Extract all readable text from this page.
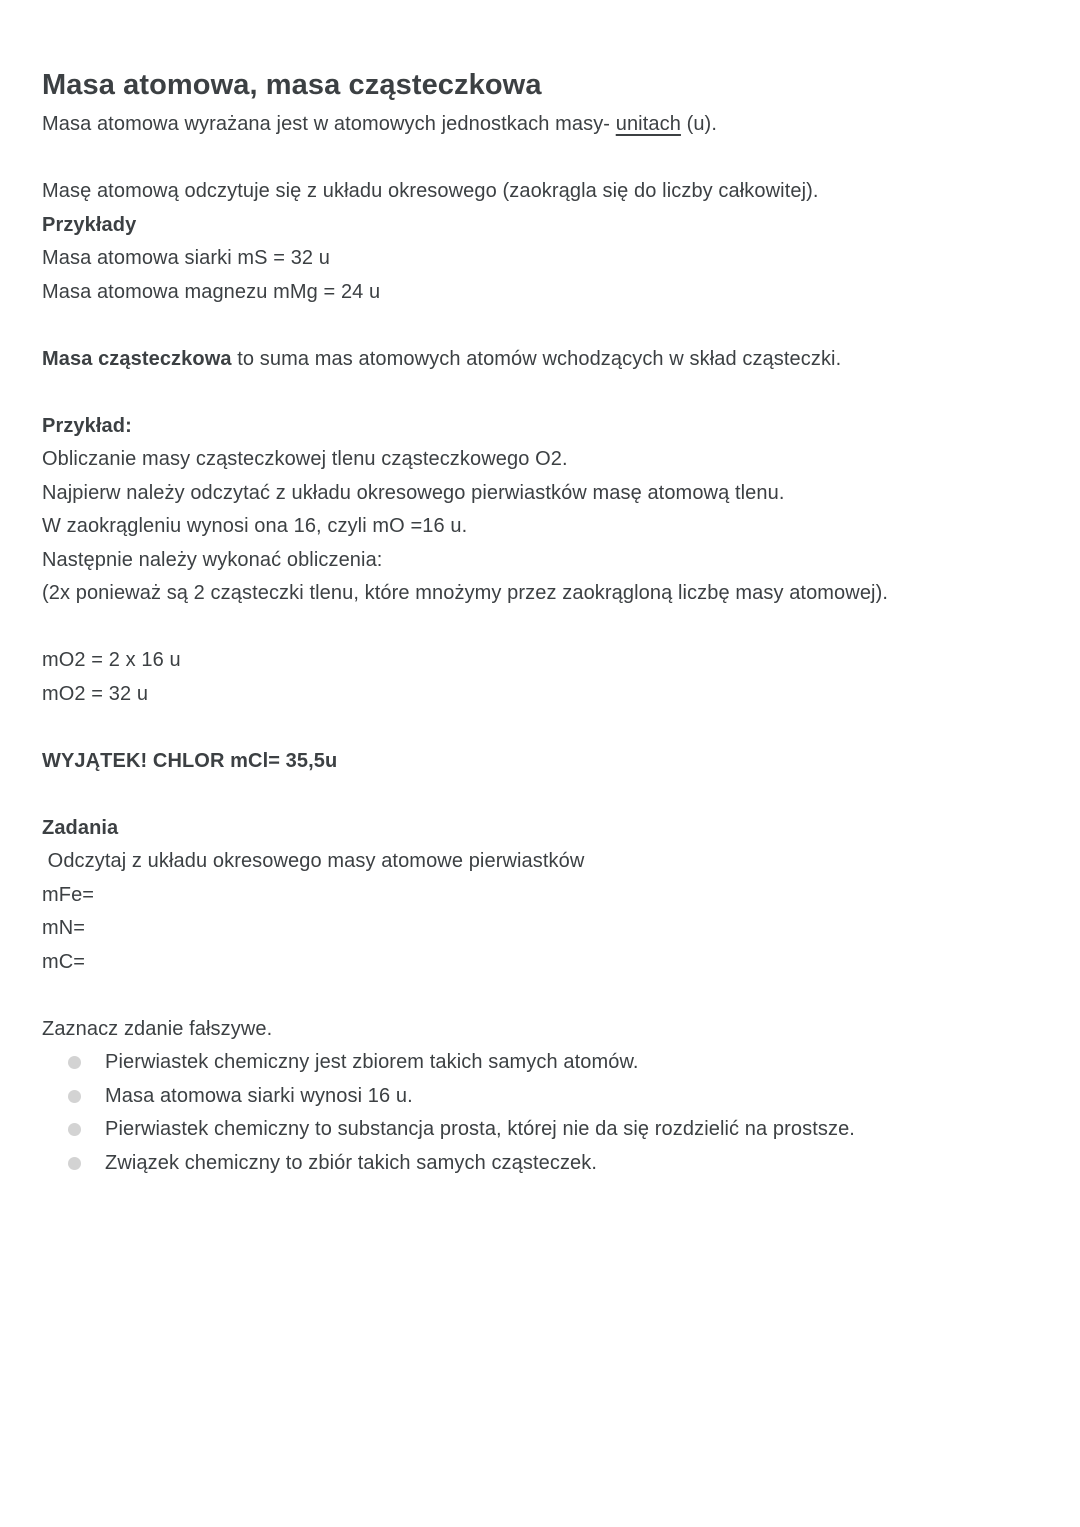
Masa atomowa, masa cząsteczkowa

Masa atomowa wyrażana jest w atomowych jednostkach masy- unitach (u).

Masę atomową odczytuje się z układu okresowego (zaokrągla się do liczby całkowitej).

Przykłady

Masa atomowa siarki mS = 32 u

Masa atomowa magnezu mMg = 24 u

Masa cząsteczkowa to suma mas atomowych atomów wchodzących w skład cząsteczki.

Przykład:

Obliczanie masy cząsteczkowej tlenu cząsteczkowego O2.

Najpierw należy odczytać z układu okresowego pierwiastków masę atomową tlenu.

W zaokrągleniu wynosi ona 16, czyli mO =16 u.

Następnie należy wykonać obliczenia:

(2x ponieważ są 2 cząsteczki tlenu, które mnożymy przez zaokrągloną liczbę masy atomowej).

mO2 = 2 x 16 u

mO2 = 32 u

WYJĄTEK! CHLOR mCl= 35,5u

Zadania

Odczytaj z układu okresowego masy atomowe pierwiastków

mFe=

mN=

mC=

Zaznacz zdanie fałszywe.

Pierwiastek chemiczny jest zbiorem takich samych atomów.
Masa atomowa siarki wynosi 16 u.
Pierwiastek chemiczny to substancja prosta, której nie da się rozdzielić na prostsze.
Związek chemiczny to zbiór takich samych cząsteczek.
